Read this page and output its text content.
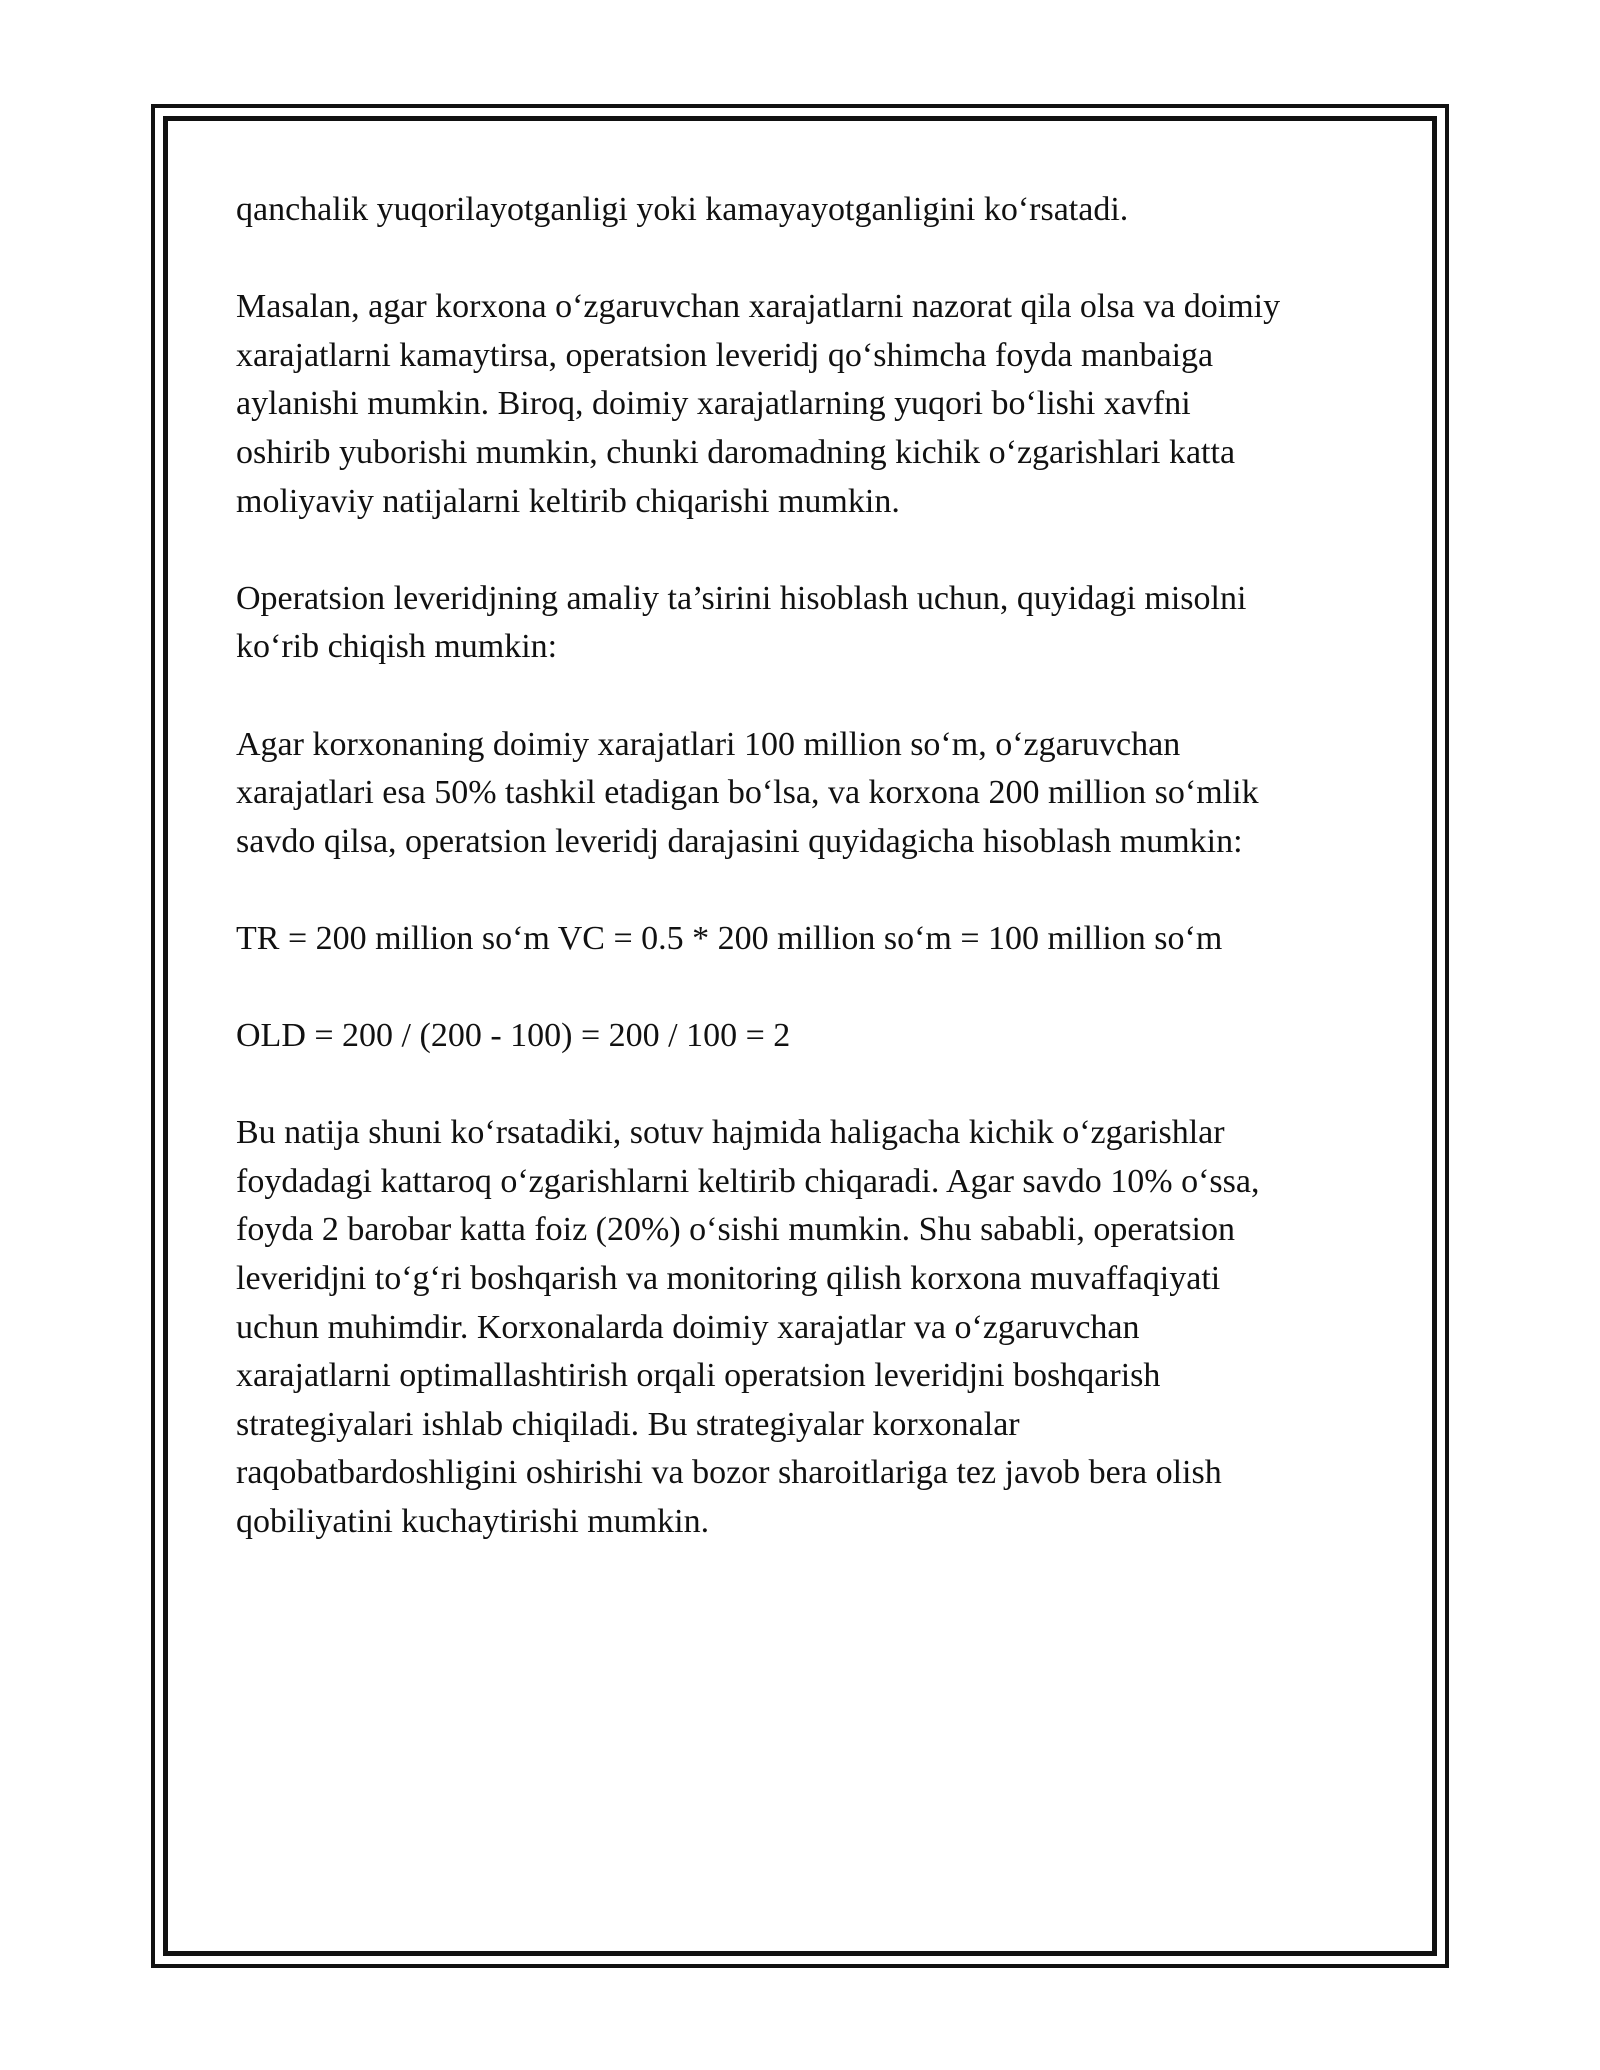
qanchalik yuqorilayotganligi yoki kamayayotganligini ko‘rsatadi.

Masalan, agar korxona o‘zgaruvchan xarajatlarni nazorat qila olsa va doimiy
xarajatlarni kamaytirsa, operatsion leveridj qo‘shimcha foyda manbaiga
aylanishi mumkin. Biroq, doimiy xarajatlarning yuqori bo‘lishi xavfni
oshirib yuborishi mumkin, chunki daromadning kichik o‘zgarishlari katta
moliyaviy natijalarni keltirib chiqarishi mumkin.

Operatsion leveridjning amaliy ta’sirini hisoblash uchun, quyidagi misolni
ko‘rib chiqish mumkin:

Agar korxonaning doimiy xarajatlari 100 million so‘m, o‘zgaruvchan
xarajatlari esa 50% tashkil etadigan bo‘lsa, va korxona 200 million so‘mlik
savdo qilsa, operatsion leveridj darajasini quyidagicha hisoblash mumkin:

TR = 200 million so‘m VC = 0.5 * 200 million so‘m = 100 million so‘m

OLD = 200 / (200 - 100) = 200 / 100 = 2

Bu natija shuni ko‘rsatadiki, sotuv hajmida haligacha kichik o‘zgarishlar
foydadagi kattaroq o‘zgarishlarni keltirib chiqaradi. Agar savdo 10% o‘ssa,
foyda 2 barobar katta foiz (20%) o‘sishi mumkin. Shu sababli, operatsion
leveridjni to‘g‘ri boshqarish va monitoring qilish korxona muvaffaqiyati
uchun muhimdir. Korxonalarda doimiy xarajatlar va o‘zgaruvchan
xarajatlarni optimallashtirish orqali operatsion leveridjni boshqarish
strategiyalari ishlab chiqiladi. Bu strategiyalar korxonalar
raqobatbardoshligini oshirishi va bozor sharoitlariga tez javob bera olish
qobiliyatini kuchaytirishi mumkin.
